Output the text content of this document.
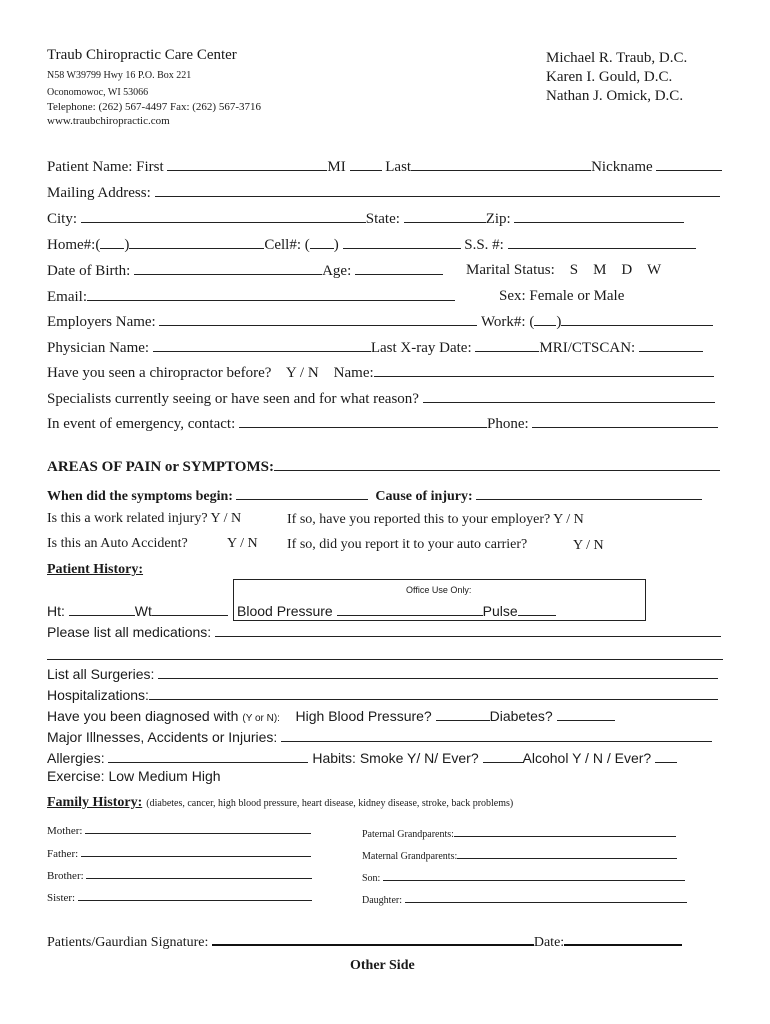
Traub Chiropractic Care Center
N58 W39799 Hwy 16 P.O. Box 221
Oconomowoc, WI 53066
Telephone: (262) 567-4497 Fax: (262) 567-3716
www.traubchiropractic.com
Michael R. Traub, D.C.
Karen I. Gould, D.C.
Nathan J. Omick, D.C.
Patient Name: First	MI	Last	Nickname
Mailing Address:
City:	State:	Zip:
Home#:( )	Cell#: ( )	S.S. #:
Date of Birth:	Age:	Marital Status: S    M    D    W
Email:	Sex: Female or Male
Employers Name:	Work#: ( )
Physician Name:	Last X-ray Date:	MRI/CTSCAN:
Have you seen a chiropractor before?    Y / N    Name:
Specialists currently seeing or have seen and for what reason?
In event of emergency, contact:	Phone:
AREAS OF PAIN or SYMPTOMS:
When did the symptoms begin:	Cause of injury:
Is this a work related injury? Y / N	If so, have you reported this to your employer? Y / N
Is this an Auto Accident?	Y / N If so, did you report it to your auto carrier?	Y / N
Patient History:
Office Use Only:
Ht:	Wt	Blood Pressure	Pulse
Please list all medications:
List all Surgeries:
Hospitalizations:
Have you been diagnosed with (Y or N): High Blood Pressure?	Diabetes?
Major Illnesses, Accidents or Injuries:
Allergies:	Habits: Smoke Y/ N/ Ever?	Alcohol Y / N / Ever?
Exercise: Low Medium High
Family History: (diabetes, cancer, high blood pressure, heart disease, kidney disease, stroke, back problems)
Mother:
Father:
Brother:
Sister:
Paternal Grandparents:
Maternal Grandparents:
Son:
Daughter:
Patients/Gaurdian Signature:	Date:
Other Side
